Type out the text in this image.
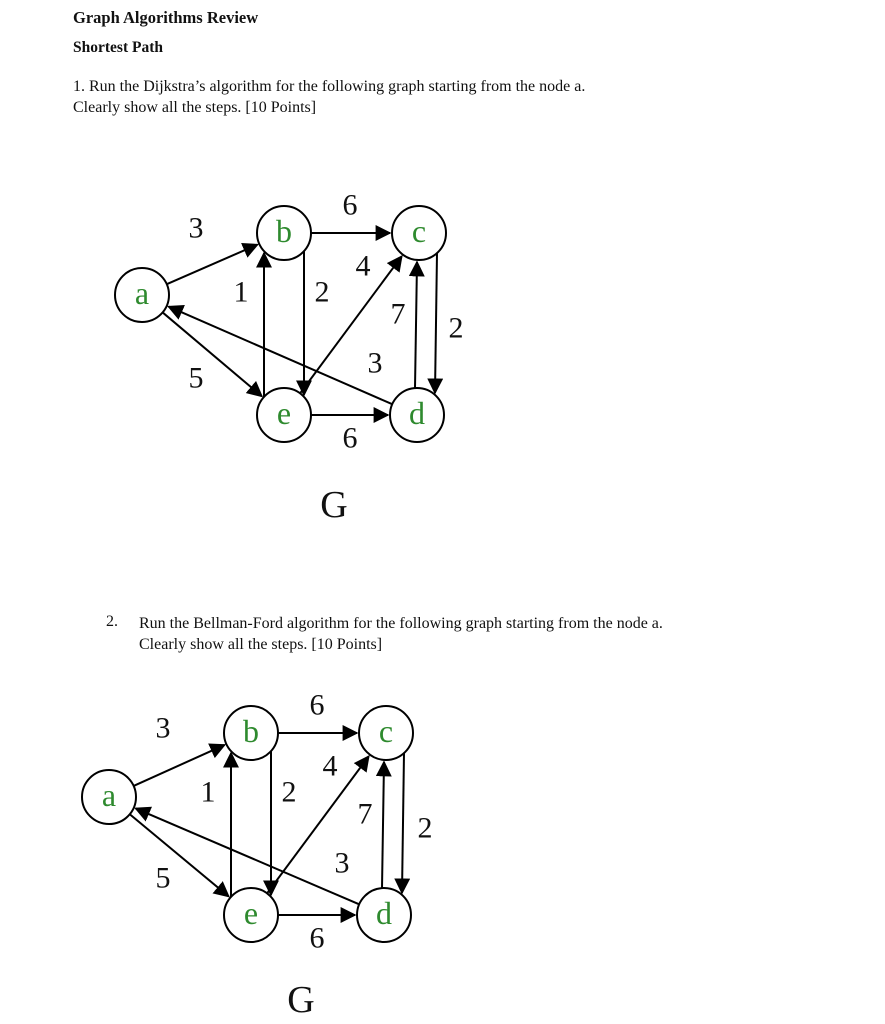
Graph Algorithms Review
Shortest Path
1. Run the Dijkstra’s algorithm for the following graph starting from the node a.
Clearly show all the steps. [10 Points]
3
5
6
2
1
4
6
2
7
3
a
b	c
d
e
G
2. Run the Bellman-Ford algorithm for the following graph starting from the node a.
Clearly show all the steps. [10 Points]
3
5
6
2
1
4
6
2
7
3
a
b	c
d
e
G
